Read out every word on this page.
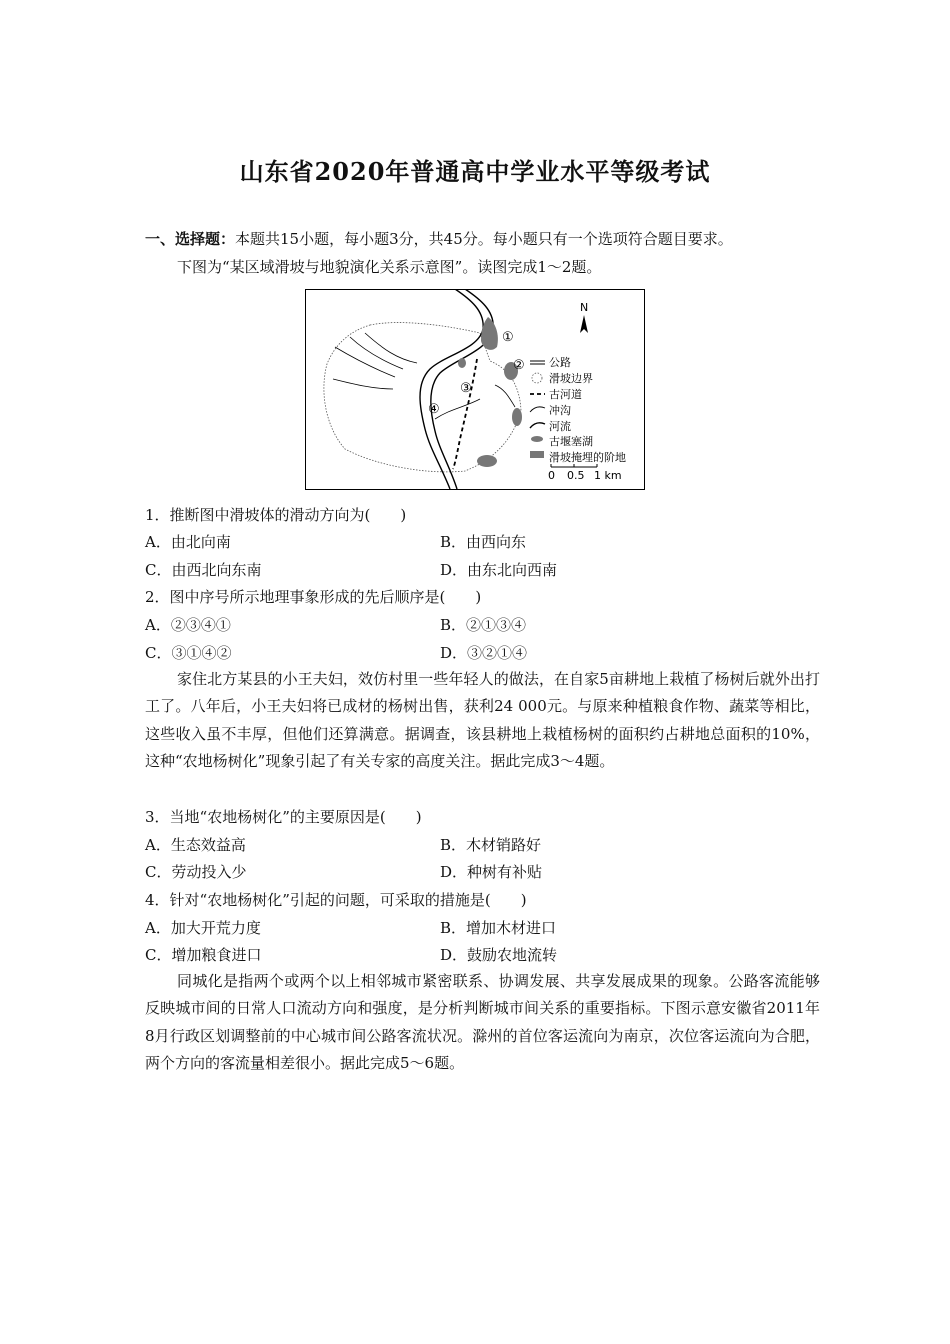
山东省2020年普通高中学业水平等级考试
一、选择题：本题共15小题，每小题3分，共45分。每小题只有一个选项符合题目要求。
下图为“某区域滑坡与地貌演化关系示意图”。读图完成1～2题。
①
②
③
④
N
公路
滑坡边界
古河道
冲沟
河流
古堰塞湖
滑坡掩埋的阶地
0 0.5 1 km
1．推断图中滑坡体的滑动方向为(　　)
A．由北向南	B．由西向东
C．由西北向东南	D．由东北向西南
2．图中序号所示地理事象形成的先后顺序是(　　)
A．②③④①	B．②①③④
C．③①④②	D．③②①④
家住北方某县的小王夫妇，效仿村里一些年轻人的做法，在自家5亩耕地上栽植了杨树后就外出打工了。八年后，小王夫妇将已成材的杨树出售，获利24 000元。与原来种植粮食作物、蔬菜等相比，这些收入虽不丰厚，但他们还算满意。据调查，该县耕地上栽植杨树的面积约占耕地总面积的10%，这种“农地杨树化”现象引起了有关专家的高度关注。据此完成3～4题。
3．当地“农地杨树化”的主要原因是(　　)
A．生态效益高	B．木材销路好
C．劳动投入少	D．种树有补贴
4．针对“农地杨树化”引起的问题，可采取的措施是(　　)
A．加大开荒力度	B．增加木材进口
C．增加粮食进口	D．鼓励农地流转
同城化是指两个或两个以上相邻城市紧密联系、协调发展、共享发展成果的现象。公路客流能够反映城市间的日常人口流动方向和强度，是分析判断城市间关系的重要指标。下图示意安徽省2011年8月行政区划调整前的中心城市间公路客流状况。滁州的首位客运流向为南京，次位客运流向为合肥，两个方向的客流量相差很小。据此完成5～6题。
